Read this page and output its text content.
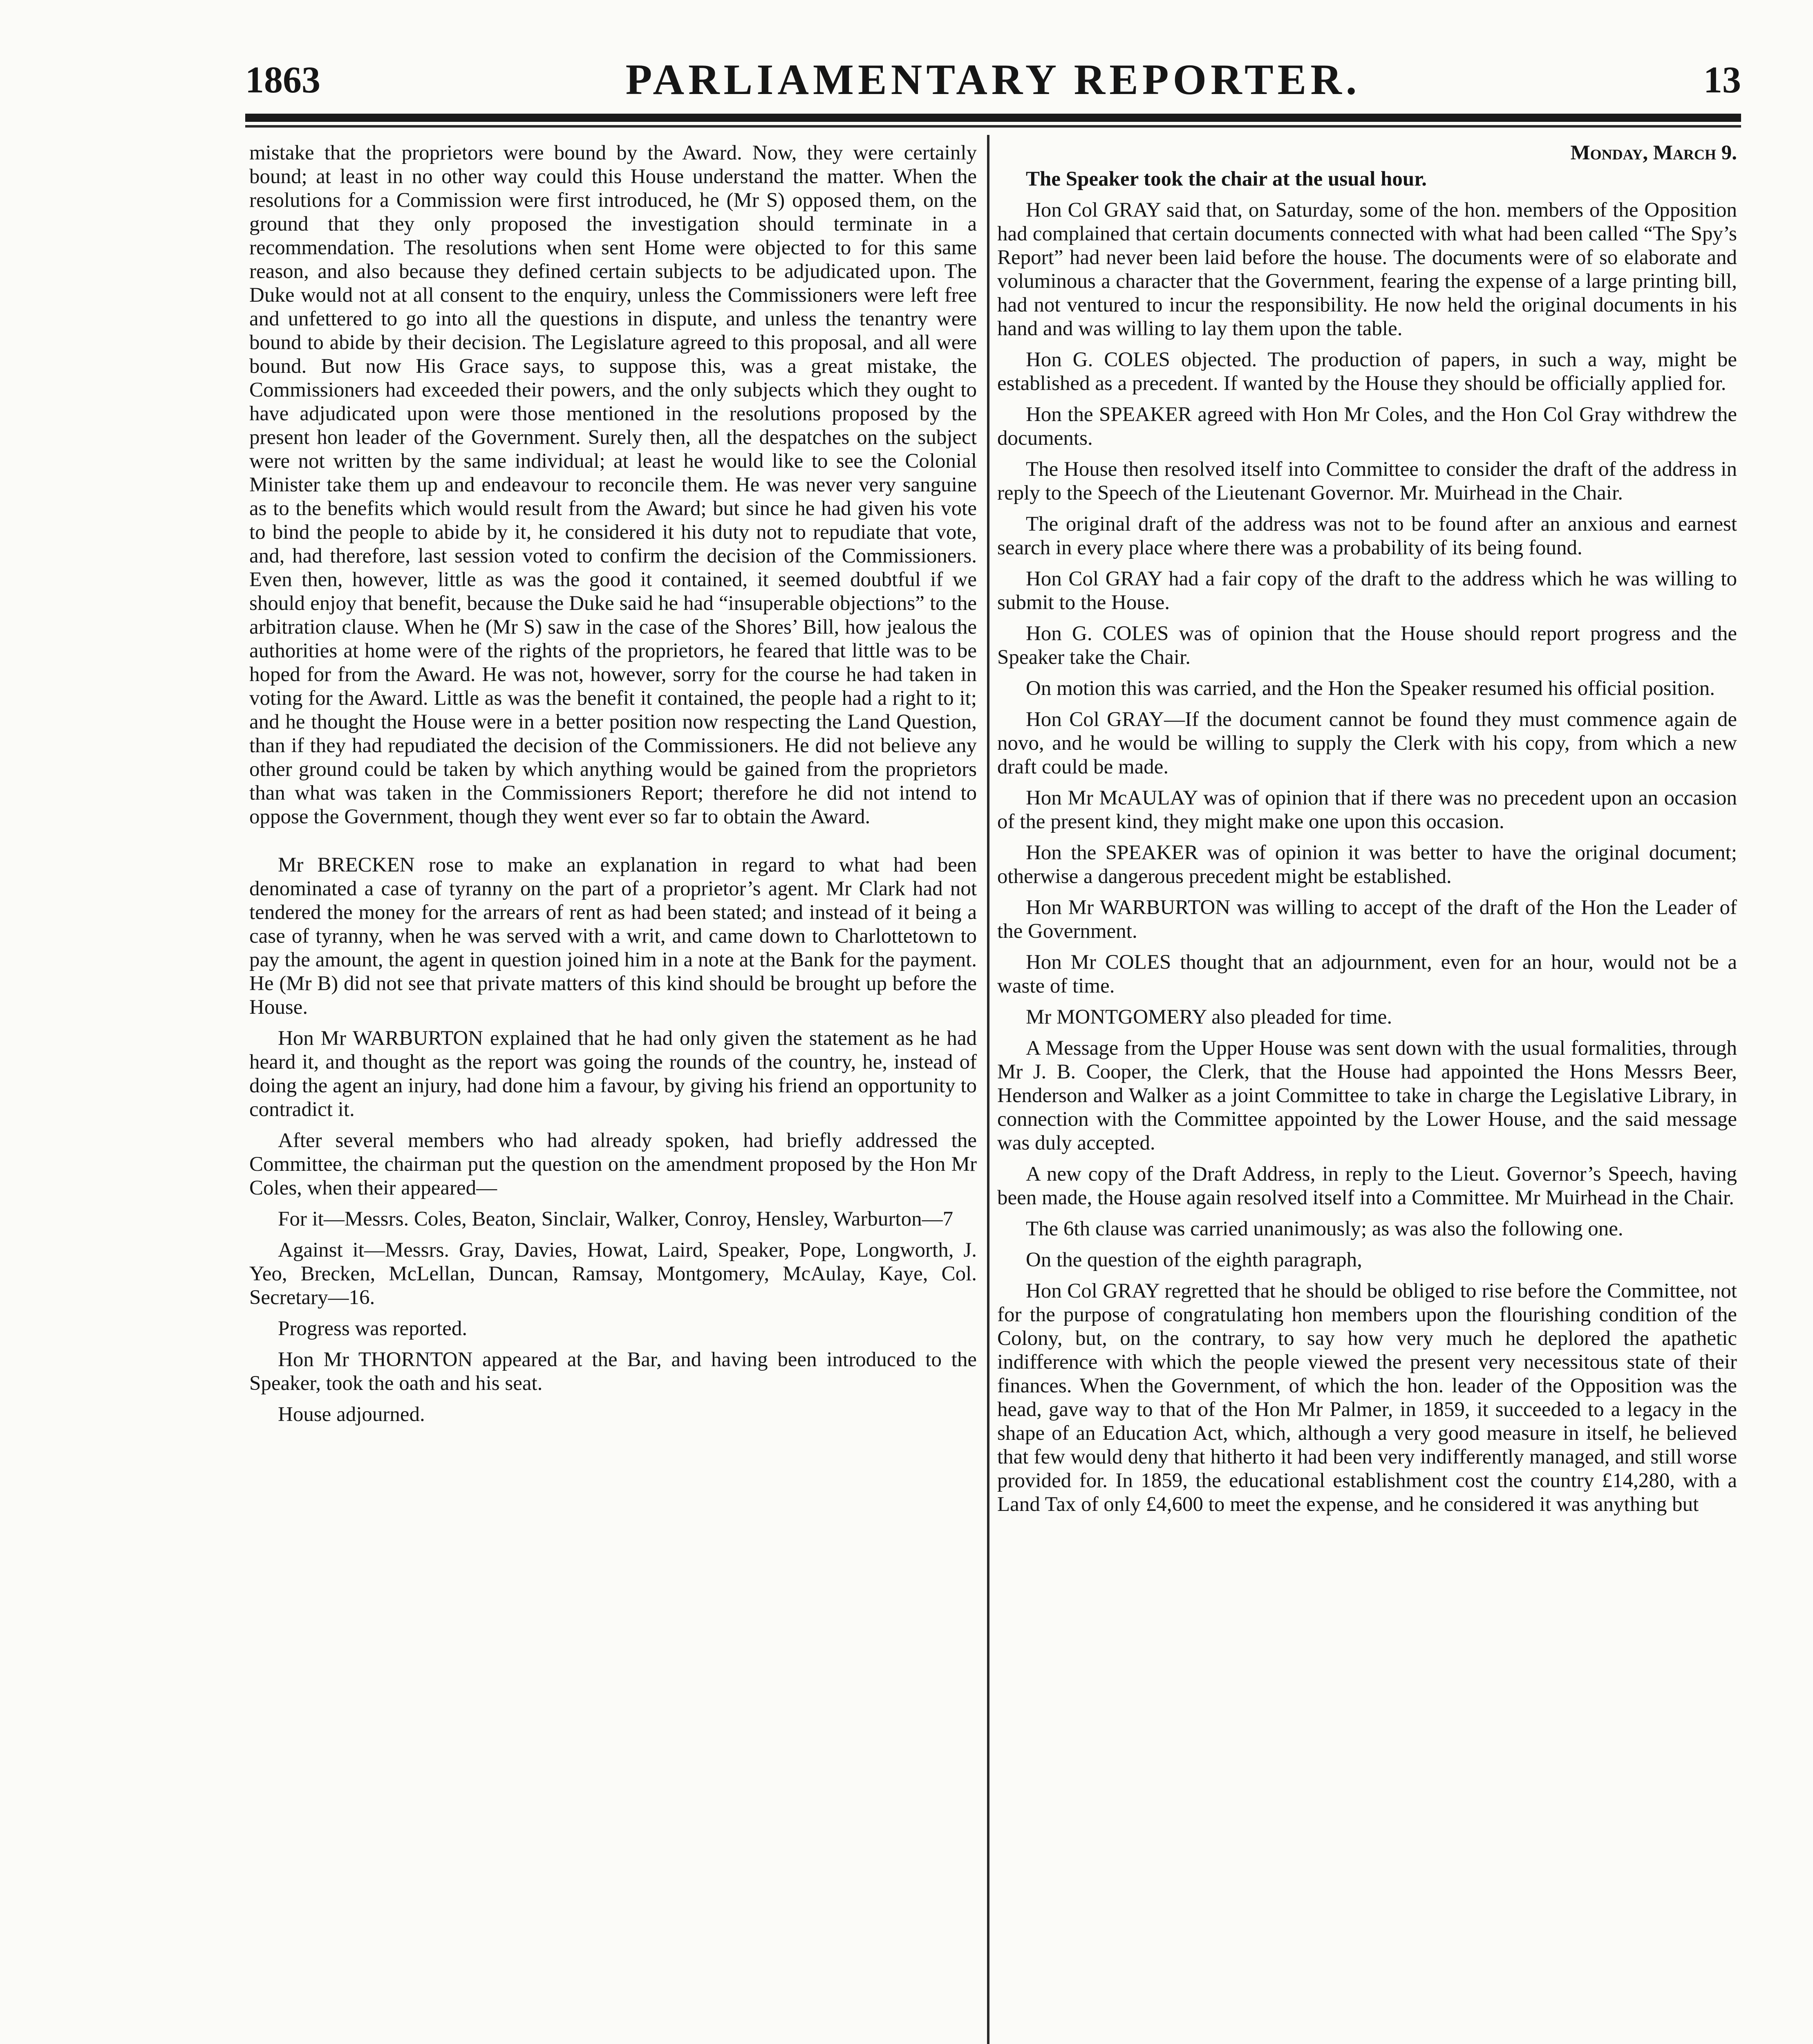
PARLIAMENTARY REPORTER.
1863	13

mistake that the proprietors were bound by the Award. Now, they were certainly bound; at least in no other way could this House understand the matter. When the resolutions for a Commission were first introduced, he (Mr S) opposed them, on the ground that they only proposed the investigation should terminate in a recommendation. The resolutions when sent Home were objected to for this same reason, and also because they defined certain subjects to be adjudicated upon. The Duke would not at all consent to the enquiry, unless the Commissioners were left free and unfettered to go into all the questions in dispute, and unless the tenantry were bound to abide by their decision. The Legislature agreed to this proposal, and all were bound. But now His Grace says, to suppose this, was a great mistake, the Commissioners had exceeded their powers, and the only subjects which they ought to have adjudicated upon were those mentioned in the resolutions proposed by the present hon leader of the Government. Surely then, all the despatches on the subject were not written by the same individual; at least he would like to see the Colonial Minister take them up and endeavour to reconcile them. He was never very sanguine as to the benefits which would result from the Award; but since he had given his vote to bind the people to abide by it, he considered it his duty not to repudiate that vote, and, had therefore, last session voted to confirm the decision of the Commissioners. Even then, however, little as was the good it contained, it seemed doubtful if we should enjoy that benefit, because the Duke said he had “insuperable objections” to the arbitration clause. When he (Mr S) saw in the case of the Shores’ Bill, how jealous the authorities at home were of the rights of the proprietors, he feared that little was to be hoped for from the Award. He was not, however, sorry for the course he had taken in voting for the Award. Little as was the benefit it contained, the people had a right to it; and he thought the House were in a better position now respecting the Land Question, than if they had repudiated the decision of the Commissioners. He did not believe any other ground could be taken by which anything would be gained from the proprietors than what was taken in the Commissioners Report; therefore he did not intend to oppose the Government, though they went ever so far to obtain the Award.

Mr BRECKEN rose to make an explanation in regard to what had been denominated a case of tyranny on the part of a proprietor’s agent. Mr Clark had not tendered the money for the arrears of rent as had been stated; and instead of it being a case of tyranny, when he was served with a writ, and came down to Charlottetown to pay the amount, the agent in question joined him in a note at the Bank for the payment. He (Mr B) did not see that private matters of this kind should be brought up before the House.

Hon Mr WARBURTON explained that he had only given the statement as he had heard it, and thought as the report was going the rounds of the country, he, instead of doing the agent an injury, had done him a favour, by giving his friend an opportunity to contradict it.

After several members who had already spoken, had briefly addressed the Committee, the chairman put the question on the amendment proposed by the Hon Mr Coles, when their appeared—

For it—Messrs. Coles, Beaton, Sinclair, Walker, Conroy, Hensley, Warburton—7

Against it—Messrs. Gray, Davies, Howat, Laird, Speaker, Pope, Longworth, J. Yeo, Brecken, McLellan, Duncan, Ramsay, Montgomery, McAulay, Kaye, Col. Secretary—16.

Progress was reported.

Hon Mr THORNTON appeared at the Bar, and having been introduced to the Speaker, took the oath and his seat.

House adjourned.

Monday, March 9.

The Speaker took the chair at the usual hour.

Hon Col GRAY said that, on Saturday, some of the hon. members of the Opposition had complained that certain documents connected with what had been called “The Spy’s Report” had never been laid before the house. The documents were of so elaborate and voluminous a character that the Government, fearing the expense of a large printing bill, had not ventured to incur the responsibility. He now held the original documents in his hand and was willing to lay them upon the table.

Hon G. COLES objected. The production of papers, in such a way, might be established as a precedent. If wanted by the House they should be officially applied for.

Hon the SPEAKER agreed with Hon Mr Coles, and the Hon Col Gray withdrew the documents.

The House then resolved itself into Committee to consider the draft of the address in reply to the Speech of the Lieutenant Governor. Mr. Muirhead in the Chair.

The original draft of the address was not to be found after an anxious and earnest search in every place where there was a probability of its being found.

Hon Col GRAY had a fair copy of the draft to the address which he was willing to submit to the House.

Hon G. COLES was of opinion that the House should report progress and the Speaker take the Chair.

On motion this was carried, and the Hon the Speaker resumed his official position.

Hon Col GRAY—If the document cannot be found they must commence again de novo, and he would be willing to supply the Clerk with his copy, from which a new draft could be made.

Hon Mr McAULAY was of opinion that if there was no precedent upon an occasion of the present kind, they might make one upon this occasion.

Hon the SPEAKER was of opinion it was better to have the original document; otherwise a dangerous precedent might be established.

Hon Mr WARBURTON was willing to accept of the draft of the Hon the Leader of the Government.

Hon Mr COLES thought that an adjournment, even for an hour, would not be a waste of time.

Mr MONTGOMERY also pleaded for time.

A Message from the Upper House was sent down with the usual formalities, through Mr J. B. Cooper, the Clerk, that the House had appointed the Hons Messrs Beer, Henderson and Walker as a joint Committee to take in charge the Legislative Library, in connection with the Committee appointed by the Lower House, and the said message was duly accepted.

A new copy of the Draft Address, in reply to the Lieut. Governor’s Speech, having been made, the House again resolved itself into a Committee. Mr Muirhead in the Chair.

The 6th clause was carried unanimously; as was also the following one.

On the question of the eighth paragraph,

Hon Col GRAY regretted that he should be obliged to rise before the Committee, not for the purpose of congratulating hon members upon the flourishing condition of the Colony, but, on the contrary, to say how very much he deplored the apathetic indifference with which the people viewed the present very necessitous state of their finances. When the Government, of which the hon. leader of the Opposition was the head, gave way to that of the Hon Mr Palmer, in 1859, it succeeded to a legacy in the shape of an Education Act, which, although a very good measure in itself, he believed that few would deny that hitherto it had been very indifferently managed, and still worse provided for. In 1859, the educational establishment cost the country £14,280, with a Land Tax of only £4,600 to meet the expense, and he considered it was anything but
